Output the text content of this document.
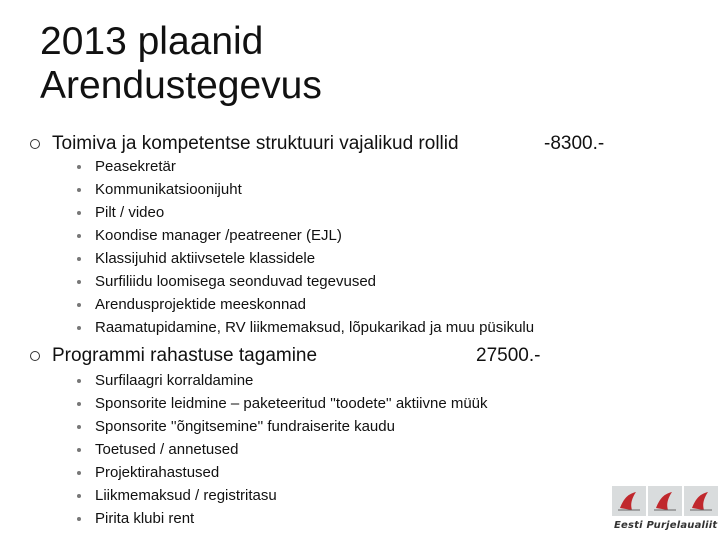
2013 plaanid
Arendustegevus
Toimiva ja kompetentse struktuuri vajalikud rollid	-8300.-
Peasekretär
Kommunikatsioonijuht
Pilt / video
Koondise manager /peatreener (EJL)
Klassijuhid aktiivsetele klassidele
Surfiliidu loomisega seonduvad tegevused
Arendusprojektide meeskonnad
Raamatupidamine, RV liikmemaksud, lõpukarikad ja muu püsikulu
Programmi rahastuse tagamine	27500.-
Surfilaagri korraldamine
Sponsorite leidmine – paketeeritud ''toodete'' aktiivne müük
Sponsorite ''õngitsemine'' fundraiserite kaudu
Toetused / annetused
Projektirahastused
Liikmemaksud / registritasu
Pirita klubi rent	Eesti Purjelaualiit
